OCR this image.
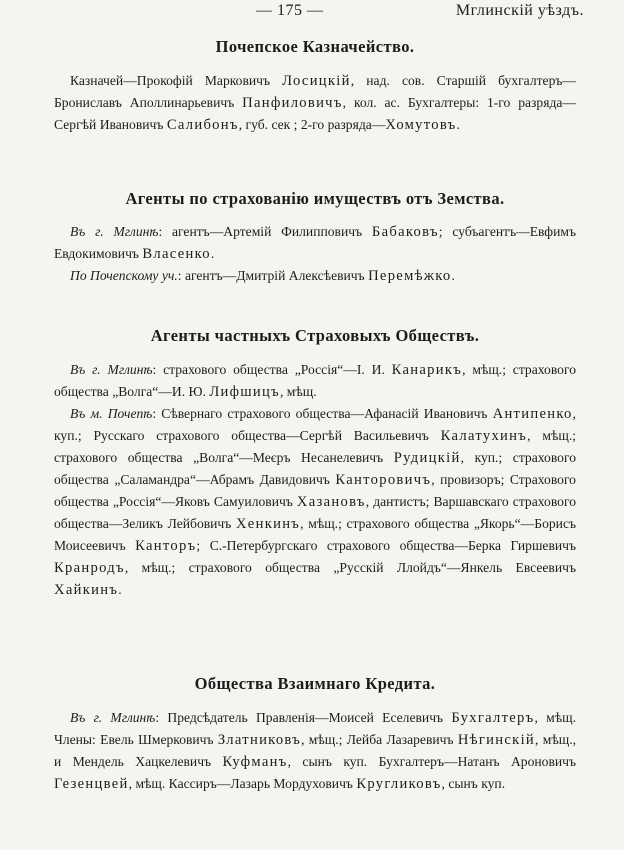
— 175 —	Мглинскій уѣздъ.
Почепское Казначейство.

Казначей—Прокофій Марковичъ Лосицкій, над. сов. Старшій бухгалтеръ—Брониславъ Аполлинарьевичъ Панфиловичъ, кол. ас. Бухгалтеры: 1-го разряда—Сергѣй Ивановичъ Салибонъ, губ. сек ; 2-го разряда—Хомутовъ.

Агенты по страхованію имуществъ отъ Земства.

Въ г. Мглинѣ: агентъ—Артемій Филипповичъ Бабаковъ; субъагентъ—Евфимъ Евдокимовичъ Власенко.

По Почепскому уч.: агентъ—Дмитрій Алексѣевичъ Перемѣжко.

Агенты частныхъ Страховыхъ Обществъ.

Въ г. Мглинѣ: страхового общества „Россія“—І. И. Канарикъ, мѣщ.; страхового общества „Волга“—И. Ю. Лифшицъ, мѣщ.

Въ м. Почепѣ: Сѣвернаго страхового общества—Афанасій Ивановичъ Антипенко, куп.; Русскаго страхового общества—Сергѣй Васильевичъ Калатухинъ, мѣщ.; страхового общества „Волга“—Меєръ Несанелевичъ Рудицкій, куп.; страхового общества „Саламандра“—Абрамъ Давидовичъ Канторовичъ, провизоръ; Страхового общества „Россія“—Яковъ Самуиловичъ Хазановъ, дантистъ; Варшавскаго страхового общества—Зеликъ Лейбовичъ Хенкинъ, мѣщ.; страхового общества „Якорь“—Борисъ Моисеевичъ Канторъ; С.-Петербургскаго страхового общества—Берка Гиршевичъ Кранродъ, мѣщ.; страхового общества „Русскій Ллойдъ“—Янкель Евсеевичъ Хайкинъ.

Общества Взаимнаго Кредита.

Въ г. Мглинѣ: Предсѣдатель Правленія—Моисей Еселевичъ Бухгалтеръ, мѣщ. Члены: Евель Шмерковичъ Златниковъ, мѣщ.; Лейба Лазаревичъ Нѣгинскій, мѣщ., и Мендель Хацкелевичъ Куфманъ, сынъ куп. Бухгалтеръ—Натанъ Ароновичъ Гезенцвей, мѣщ. Кассиръ—Лазарь Мордуховичъ Кругликовъ, сынъ куп.
